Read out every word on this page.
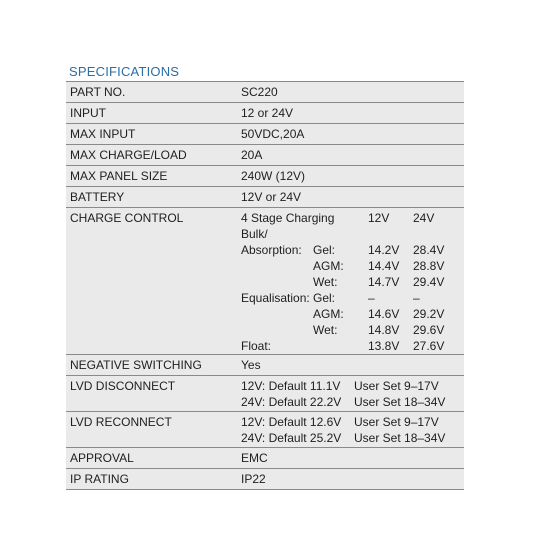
SPECIFICATIONS
PART NO.	SC220
INPUT	12 or 24V
MAX INPUT	50VDC,20A
MAX CHARGE/LOAD	20A
MAX PANEL SIZE	240W (12V)
BATTERY	12V or 24V
CHARGE CONTROL	4 Stage Charging	12V 24V
Bulk/
Absorption: Gel:	14.2V 28.4V
AGM: 14.4V 28.8V
Wet:	14.7V 29.4V
Equalisation: Gel:	–	–
AGM: 14.6V 29.2V
Wet:	14.8V 29.6V
Float:	13.8V 27.6V
NEGATIVE SWITCHING	Yes
LVD DISCONNECT	12V: Default 11.1V User Set 9–17V
24V: Default 22.2V User Set 18–34V
LVD RECONNECT	12V: Default 12.6V User Set 9–17V
24V: Default 25.2V User Set 18–34V
APPROVAL	EMC
IP RATING	IP22
